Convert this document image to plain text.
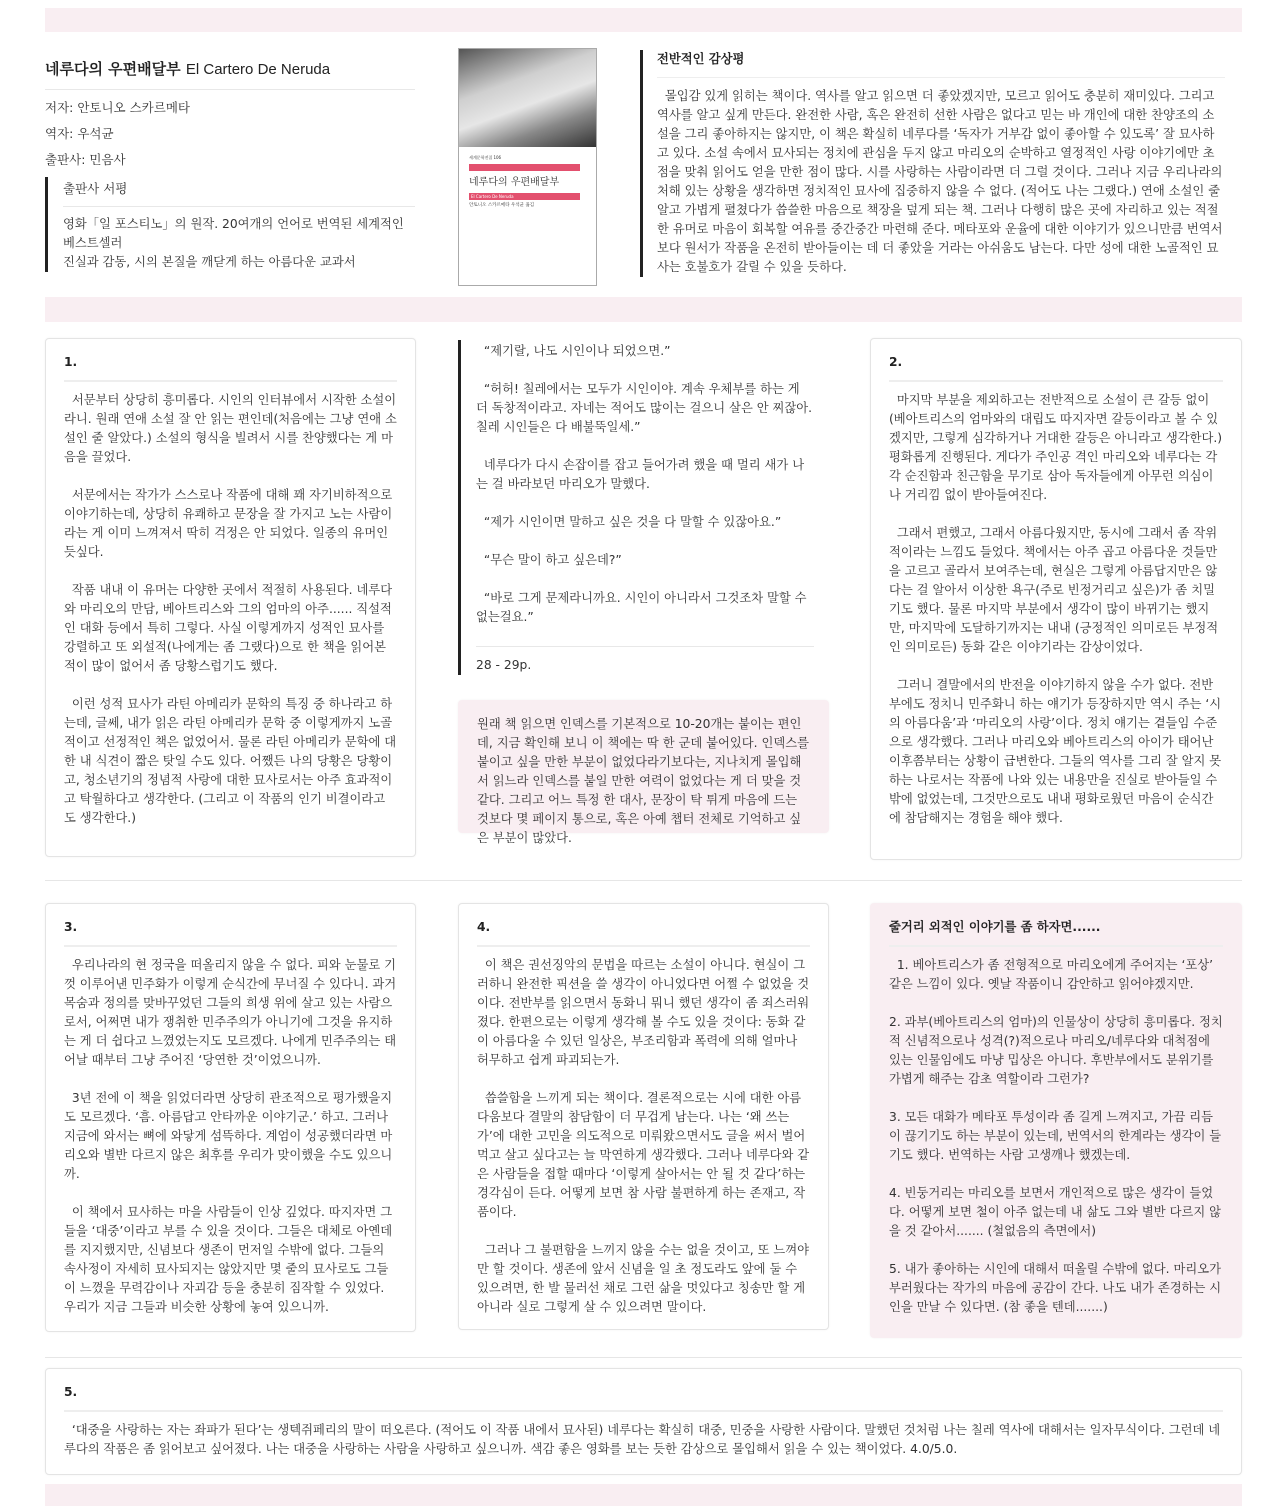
네루다의 우편배달부 El Cartero De Neruda
저자: 안토니오 스카르메타
역자: 우석균
출판사: 민음사
출판사 서평
영화「일 포스티노」의 원작. 20여개의 언어로 번역된 세계적인 베스트셀러
진실과 감동, 시의 본질을 깨닫게 하는 아름다운 교과서
세계문학전집 106
네루다의 우편배달부
El Cartero De Neruda
안토니오 스카르메타 우석균 옮김
전반적인 감상평

몰입감 있게 읽히는 책이다. 역사를 알고 읽으면 더 좋았겠지만, 모르고 읽어도 충분히 재미있다. 그리고 역사를 알고 싶게 만든다. 완전한 사람, 혹은 완전히 선한 사람은 없다고 믿는 바 개인에 대한 찬양조의 소설을 그리 좋아하지는 않지만, 이 책은 확실히 네루다를 ‘독자가 거부감 없이 좋아할 수 있도록’ 잘 묘사하고 있다. 소설 속에서 묘사되는 정치에 관심을 두지 않고 마리오의 순박하고 열정적인 사랑 이야기에만 초점을 맞춰 읽어도 얻을 만한 점이 많다. 시를 사랑하는 사람이라면 더 그럴 것이다. 그러나 지금 우리나라의 처해 있는 상황을 생각하면 정치적인 묘사에 집중하지 않을 수 없다. (적어도 나는 그랬다.) 연애 소설인 줄 알고 가볍게 펼쳤다가 씁쓸한 마음으로 책장을 덮게 되는 책. 그러나 다행히 많은 곳에 자리하고 있는 적절한 유머로 마음이 회복할 여유를 중간중간 마련해 준다. 메타포와 운율에 대한 이야기가 있으니만큼 번역서보다 원서가 작품을 온전히 받아들이는 데 더 좋았을 거라는 아쉬움도 남는다. 다만 성에 대한 노골적인 묘사는 호불호가 갈릴 수 있을 듯하다.

1.

서문부터 상당히 흥미롭다. 시인의 인터뷰에서 시작한 소설이라니. 원래 연애 소설 잘 안 읽는 편인데(처음에는 그냥 연애 소설인 줄 알았다.) 소설의 형식을 빌려서 시를 찬양했다는 게 마음을 끌었다.

서문에서는 작가가 스스로나 작품에 대해 꽤 자기비하적으로 이야기하는데, 상당히 유쾌하고 문장을 잘 가지고 노는 사람이라는 게 이미 느껴져서 딱히 걱정은 안 되었다. 일종의 유머인 듯싶다.

작품 내내 이 유머는 다양한 곳에서 적절히 사용된다. 네루다와 마리오의 만담, 베아트리스와 그의 엄마의 아주...... 직설적인 대화 등에서 특히 그렇다. 사실 이렇게까지 성적인 묘사를 강렬하고 또 외설적(나에게는 좀 그랬다)으로 한 책을 읽어본 적이 많이 없어서 좀 당황스럽기도 했다.

이런 성적 묘사가 라틴 아메리카 문학의 특징 중 하나라고 하는데, 글쎄, 내가 읽은 라틴 아메리카 문학 중 이렇게까지 노골적이고 선정적인 책은 없었어서. 물론 라틴 아메리카 문학에 대한 내 식견이 짧은 탓일 수도 있다. 어쨌든 나의 당황은 당황이고, 청소년기의 정념적 사랑에 대한 묘사로서는 아주 효과적이고 탁월하다고 생각한다. (그리고 이 작품의 인기 비결이라고도 생각한다.)

“제기랄, 나도 시인이나 되었으면.”

“허허! 칠레에서는 모두가 시인이야. 계속 우체부를 하는 게 더 독창적이라고. 자네는 적어도 많이는 걸으니 살은 안 찌잖아. 칠레 시인들은 다 배불뚝일세.”

네루다가 다시 손잡이를 잡고 들어가려 했을 때 멀리 새가 나는 걸 바라보던 마리오가 말했다.

“제가 시인이면 말하고 싶은 것을 다 말할 수 있잖아요.”

“무슨 말이 하고 싶은데?”

“바로 그게 문제라니까요. 시인이 아니라서 그것조차 말할 수 없는걸요.”

28 - 29p.

원래 책 읽으면 인덱스를 기본적으로 10-20개는 붙이는 편인데, 지금 확인해 보니 이 책에는 딱 한 군데 붙어있다. 인덱스를 붙이고 싶을 만한 부분이 없었다라기보다는, 지나치게 몰입해서 읽느라 인덱스를 붙일 만한 여력이 없었다는 게 더 맞을 것 같다. 그리고 어느 특정 한 대사, 문장이 탁 튀게 마음에 드는 것보다 몇 페이지 통으로, 혹은 아예 챕터 전체로 기억하고 싶은 부분이 많았다.

2.

마지막 부분을 제외하고는 전반적으로 소설이 큰 갈등 없이 (베아트리스의 엄마와의 대립도 따지자면 갈등이라고 볼 수 있겠지만, 그렇게 심각하거나 거대한 갈등은 아니라고 생각한다.) 평화롭게 진행된다. 게다가 주인공 격인 마리오와 네루다는 각각 순진함과 친근함을 무기로 삼아 독자들에게 아무런 의심이나 거리낌 없이 받아들여진다.

그래서 편했고, 그래서 아름다웠지만, 동시에 그래서 좀 작위적이라는 느낌도 들었다. 책에서는 아주 곱고 아름다운 것들만을 고르고 골라서 보여주는데, 현실은 그렇게 아름답지만은 않다는 걸 알아서 이상한 욕구(주로 빈정거리고 싶은)가 좀 치밀기도 했다. 물론 마지막 부분에서 생각이 많이 바뀌기는 했지만, 마지막에 도달하기까지는 내내 (긍정적인 의미로든 부정적인 의미로든) 동화 같은 이야기라는 감상이었다.

그러니 결말에서의 반전을 이야기하지 않을 수가 없다. 전반부에도 정치니 민주화니 하는 얘기가 등장하지만 역시 주는 ‘시의 아름다움’과 ‘마리오의 사랑’이다. 정치 얘기는 곁들임 수준으로 생각했다. 그러나 마리오와 베아트리스의 아이가 태어난 이후쯤부터는 상황이 급변한다. 그들의 역사를 그리 잘 알지 못하는 나로서는 작품에 나와 있는 내용만을 진실로 받아들일 수밖에 없었는데, 그것만으로도 내내 평화로웠던 마음이 순식간에 참담해지는 경험을 해야 했다.

3.

우리나라의 현 정국을 떠올리지 않을 수 없다. 피와 눈물로 기껏 이루어낸 민주화가 이렇게 순식간에 무너질 수 있다니. 과거 목숨과 정의를 맞바꾸었던 그들의 희생 위에 살고 있는 사람으로서, 어쩌면 내가 쟁취한 민주주의가 아니기에 그것을 유지하는 게 더 쉽다고 느꼈었는지도 모르겠다. 나에게 민주주의는 태어날 때부터 그냥 주어진 ‘당연한 것’이었으니까.

3년 전에 이 책을 읽었더라면 상당히 관조적으로 평가했을지도 모르겠다. ‘흠. 아름답고 안타까운 이야기군.’ 하고. 그러나 지금에 와서는 뼈에 와닿게 섬뜩하다. 계엄이 성공했더라면 마리오와 별반 다르지 않은 최후를 우리가 맞이했을 수도 있으니까.

이 책에서 묘사하는 마을 사람들이 인상 깊었다. 따지자면 그들을 ‘대중’이라고 부를 수 있을 것이다. 그들은 대체로 아옌데를 지지했지만, 신념보다 생존이 먼저일 수밖에 없다. 그들의 속사정이 자세히 묘사되지는 않았지만 몇 줄의 묘사로도 그들이 느꼈을 무력감이나 자괴감 등을 충분히 짐작할 수 있었다. 우리가 지금 그들과 비슷한 상황에 놓여 있으니까.

4.

이 책은 권선징악의 문법을 따르는 소설이 아니다. 현실이 그러하니 완전한 픽션을 쓸 생각이 아니었다면 어쩔 수 없었을 것이다. 전반부를 읽으면서 동화니 뭐니 했던 생각이 좀 죄스러워졌다. 한편으로는 이렇게 생각해 볼 수도 있을 것이다: 동화 같이 아름다울 수 있던 일상은, 부조리함과 폭력에 의해 얼마나 허무하고 쉽게 파괴되는가.

씁쓸함을 느끼게 되는 책이다. 결론적으로는 시에 대한 아름다움보다 결말의 참담함이 더 무겁게 남는다. 나는 ‘왜 쓰는가’에 대한 고민을 의도적으로 미뤄왔으면서도 글을 써서 벌어 먹고 살고 싶다고는 늘 막연하게 생각했다. 그러나 네루다와 같은 사람들을 접할 때마다 ‘이렇게 살아서는 안 될 것 같다’하는 경각심이 든다. 어떻게 보면 참 사람 불편하게 하는 존재고, 작품이다.

그러나 그 불편함을 느끼지 않을 수는 없을 것이고, 또 느껴야만 할 것이다. 생존에 앞서 신념을 일 초 정도라도 앞에 둘 수 있으려면, 한 발 물러선 채로 그런 삶을 멋있다고 칭송만 할 게 아니라 실로 그렇게 살 수 있으려면 말이다.

줄거리 외적인 이야기를 좀 하자면......

1. 베아트리스가 좀 전형적으로 마리오에게 주어지는 ‘포상’ 같은 느낌이 있다. 옛날 작품이니 감안하고 읽어야겠지만.

2. 과부(베아트리스의 엄마)의 인물상이 상당히 흥미롭다. 정치적 신념적으로나 성격(?)적으로나 마리오/네루다와 대척점에 있는 인물임에도 마냥 밉상은 아니다. 후반부에서도 분위기를 가볍게 해주는 감초 역할이라 그런가?

3. 모든 대화가 메타포 투성이라 좀 길게 느껴지고, 가끔 리듬이 끊기기도 하는 부분이 있는데, 번역서의 한계라는 생각이 들기도 했다. 번역하는 사람 고생깨나 했겠는데.

4. 빈둥거리는 마리오를 보면서 개인적으로 많은 생각이 들었다. 어떻게 보면 철이 아주 없는데 내 삶도 그와 별반 다르지 않을 것 같아서....... (철없음의 측면에서)

5. 내가 좋아하는 시인에 대해서 떠올릴 수밖에 없다. 마리오가 부러웠다는 작가의 마음에 공감이 간다. 나도 내가 존경하는 시인을 만날 수 있다면. (참 좋을 텐데.......)

5.

‘대중을 사랑하는 자는 좌파가 된다’는 생텍쥐페리의 말이 떠오른다. (적어도 이 작품 내에서 묘사된) 네루다는 확실히 대중, 민중을 사랑한 사람이다. 말했던 것처럼 나는 칠레 역사에 대해서는 일자무식이다. 그런데 네루다의 작품은 좀 읽어보고 싶어졌다. 나는 대중을 사랑하는 사람을 사랑하고 싶으니까. 색감 좋은 영화를 보는 듯한 감상으로 몰입해서 읽을 수 있는 책이었다. 4.0/5.0.
